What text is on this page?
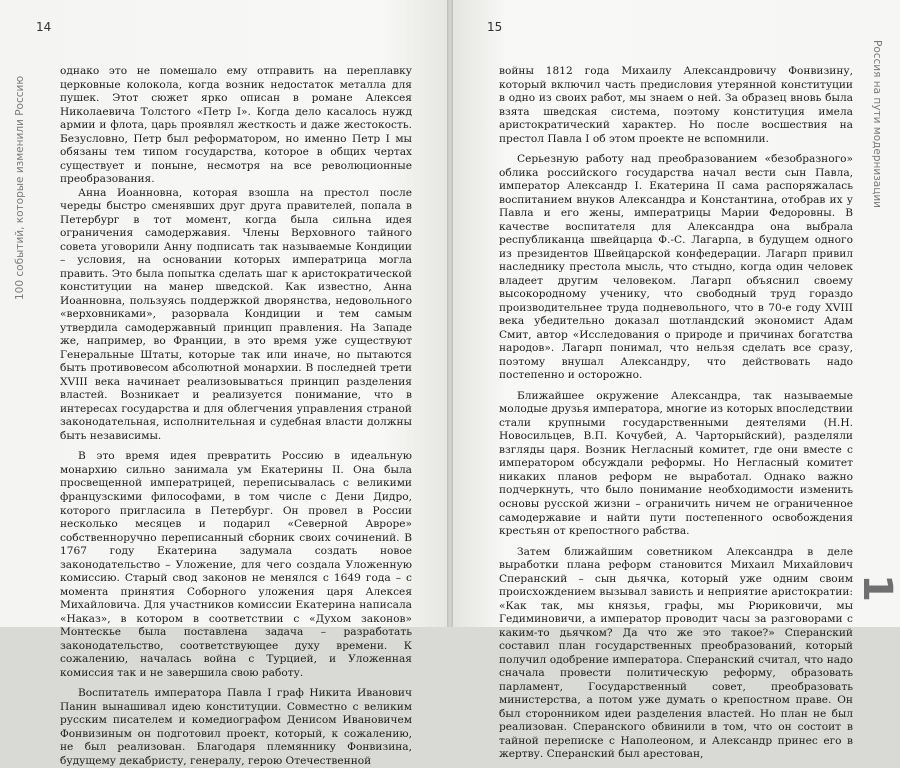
14
100 событий, которые изменили Россию

однако это не помешало ему отправить на переплавку церковные колокола, когда возник недостаток металла для пушек. Этот сюжет ярко описан в романе Алексея Николаевича Толстого «Петр I». Когда дело касалось нужд армии и флота, царь проявлял жесткость и даже жестокость. Безусловно, Петр был реформатором, но именно Петр I мы обязаны тем типом государства, которое в общих чертах существует и поныне, несмотря на все революционные преобразования.

Анна Иоанновна, которая взошла на престол после череды быстро сменявших друг друга правителей, попала в Петербург в тот момент, когда была сильна идея ограничения самодержавия. Члены Верховного тайного совета уговорили Анну подписать так называемые Кондиции – условия, на основании которых императрица могла править. Это была попытка сделать шаг к аристократической конституции на манер шведской. Как известно, Анна Иоанновна, пользуясь поддержкой дворянства, недовольного «верховниками», разорвала Кондиции и тем самым утвердила самодержавный принцип правления. На Западе же, например, во Франции, в это время уже существуют Генеральные Штаты, которые так или иначе, но пытаются быть противовесом абсолютной монархии. В последней трети XVIII века начинает реализовываться принцип разделения властей. Возникает и реализуется понимание, что в интересах государства и для облегчения управления страной законодательная, исполнительная и судебная власти должны быть независимы.

В это время идея превратить Россию в идеальную монархию сильно занимала ум Екатерины II. Она была просвещенной императрицей, переписывалась с великими французскими философами, в том числе с Дени Дидро, которого пригласила в Петербург. Он провел в России несколько месяцев и подарил «Северной Авроре» собственноручно переписанный сборник своих сочинений. В 1767 году Екатерина задумала создать новое законодательство – Уложение, для чего создала Уложенную комиссию. Старый свод законов не менялся с 1649 года – с момента принятия Соборного уложения царя Алексея Михайловича. Для участников комиссии Екатерина написала «Наказ», в котором в соответствии с «Духом законов» Монтескье была поставлена задача – разработать законодательство, соответствующее духу времени. К сожалению, началась война с Турцией, и Уложенная комиссия так и не завершила свою работу.

Воспитатель императора Павла I граф Никита Иванович Панин вынашивал идею конституции. Совместно с великим русским писателем и комедиографом Денисом Ивановичем Фонвизиным он подготовил проект, который, к сожалению, не был реализован. Благодаря племяннику Фонвизина, будущему декабристу, генералу, герою Отечественной

15
Россия на пути модернизации
1

войны 1812 года Михаилу Александровичу Фонвизину, который включил часть предисловия утерянной конституции в одно из своих работ, мы знаем о ней. За образец вновь была взята шведская система, поэтому конституция имела аристократический характер. Но после восшествия на престол Павла I об этом проекте не вспомнили.

Серьезную работу над преобразованием «безобразного» облика российского государства начал вести сын Павла, император Александр I. Екатерина II сама распоряжалась воспитанием внуков Александра и Константина, отобрав их у Павла и его жены, императрицы Марии Федоровны. В качестве воспитателя для Александра она выбрала республиканца швейцарца Ф.-С. Лагарпа, в будущем одного из президентов Швейцарской конфедерации. Лагарп привил наследнику престола мысль, что стыдно, когда один человек владеет другим человеком. Лагарп объяснил своему высокородному ученику, что свободный труд гораздо производительнее труда подневольного, что в 70-е году XVIII века убедительно доказал шотландский экономист Адам Смит, автор «Исследования о природе и причинах богатства народов». Лагарп понимал, что нельзя сделать все сразу, поэтому внушал Александру, что действовать надо постепенно и осторожно.

Ближайшее окружение Александра, так называемые молодые друзья императора, многие из которых впоследствии стали крупными государственными деятелями (Н.Н. Новосильцев, В.П. Кочубей, А. Чарторыйский), разделяли взгляды царя. Возник Негласный комитет, где они вместе с императором обсуждали реформы. Но Негласный комитет никаких планов реформ не выработал. Однако важно подчеркнуть, что было понимание необходимости изменить основы русской жизни – ограничить ничем не ограниченное самодержавие и найти пути постепенного освобождения крестьян от крепостного рабства.

Затем ближайшим советником Александра в деле выработки плана реформ становится Михаил Михайлович Сперанский – сын дьячка, который уже одним своим происхождением вызывал зависть и неприятие аристократии: «Как так, мы князья, графы, мы Рюриковичи, мы Гедиминовичи, а император проводит часы за разговорами с каким-то дьячком? Да что же это такое?» Сперанский составил план государственных преобразований, который получил одобрение императора. Сперанский считал, что надо сначала провести политическую реформу, образовать парламент, Государственный совет, преобразовать министерства, а потом уже думать о крепостном праве. Он был сторонником идеи разделения властей. Но план не был реализован. Сперанского обвинили в том, что он состоит в тайной переписке с Наполеоном, и Александр принес его в жертву. Сперанский был арестован,
